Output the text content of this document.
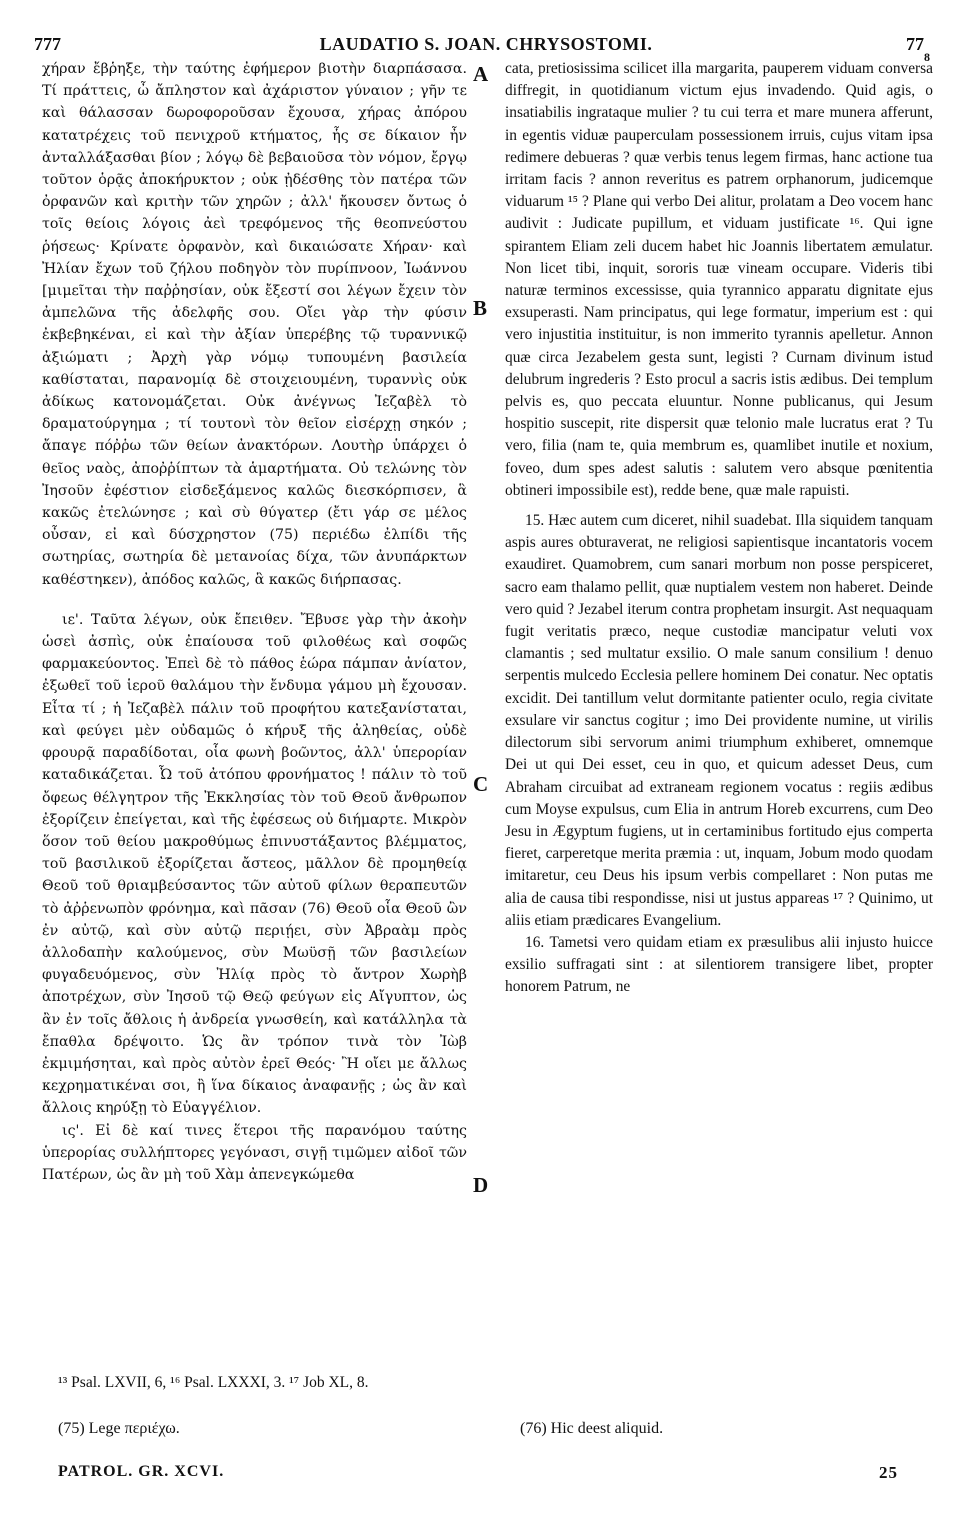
777	LAUDATIO S. JOAN. CHRYSOSTOMI.	$77_8$

χήραν ἔβῥηξε, τὴν ταύτης ἐφήμερον βιοτὴν διαρπάσασα. Τί πράττεις, ὦ ἄπληστον καὶ ἀχάριστον γύναιον ; γῆν τε καὶ θάλασσαν δωροφοροῦσαν ἔχουσα, χήρας ἀπόρου κατατρέχεις τοῦ πενιχροῦ κτήματος, ἧς σε δίκαιον ἦν ἀνταλλάξασθαι βίον ; λόγῳ δὲ βεβαιοῦσα τὸν νόμον, ἔργῳ τοῦτον ὁρᾷς ἀποκήρυκτον ; οὐκ ᾐδέσθης τὸν πατέρα τῶν ὀρφανῶν καὶ κριτὴν τῶν χηρῶν ; ἀλλ' ἤκουσεν ὄντως ὁ τοῖς θείοις λόγοις ἀεὶ τρεφόμενος τῆς θεοπνεύστου ῥήσεως· Κρίνατε ὀρφανὸν, καὶ δικαιώσατε Χήραν· καὶ Ἠλίαν ἔχων τοῦ ζήλου ποδηγὸν τὸν πυρίπνοον, Ἰωάννου [μιμεῖται τὴν παῤῥησίαν, οὐκ ἔξεστί σοι λέγων ἔχειν τὸν ἀμπελῶνα τῆς ἀδελφῆς σου. Οἴει γὰρ τὴν φύσιν ἐκβεβηκέναι, εἰ καὶ τὴν ἀξίαν ὑπερέβης τῷ τυραννικῷ ἀξιώματι ; Ἀρχὴ γὰρ νόμῳ τυπουμένη βασιλεία καθίσταται, παρανομίᾳ δὲ στοιχειουμένη, τυραννὶς οὐκ ἀδίκως κατονομάζεται. Οὐκ ἀνέγνως Ἰεζαβὲλ τὸ δραματούργημα ; τί τουτονὶ τὸν θεῖον εἰσέρχῃ σηκόν ; ἄπαγε πόῤῥω τῶν θείων ἀνακτόρων. Λουτὴρ ὑπάρχει ὁ θεῖος ναὸς, ἀποῤῥίπτων τὰ ἁμαρτήματα. Οὐ τελώνης τὸν Ἰησοῦν ἐφέστιον εἰσδεξάμενος καλῶς διεσκόρπισεν, ἃ κακῶς ἐτελώνησε ; καὶ σὺ θύγατερ (ἔτι γάρ σε μέλος οὖσαν, εἰ καὶ δύσχρηστον (75) περιέδω ἐλπίδι τῆς σωτηρίας, σωτηρία δὲ μετανοίας δίχα, τῶν ἀνυπάρκτων καθέστηκεν), ἀπόδος καλῶς, ἃ κακῶς διήρπασας.

ιε'. Ταῦτα λέγων, οὐκ ἔπειθεν. Ἔβυσε γὰρ τὴν ἀκοὴν ὡσεὶ ἀσπὶς, οὐκ ἐπαίουσα τοῦ φιλοθέως καὶ σοφῶς φαρμακεύοντος. Ἐπεὶ δὲ τὸ πάθος ἑώρα πάμπαν ἀνίατον, ἐξωθεῖ τοῦ ἱεροῦ θαλάμου τὴν ἔνδυμα γάμου μὴ ἔχουσαν. Εἶτα τί ; ἡ Ἰεζαβὲλ πάλιν τοῦ προφήτου κατεξανίσταται, καὶ φεύγει μὲν οὐδαμῶς ὁ κήρυξ τῆς ἀληθείας, οὐδὲ φρουρᾷ παραδίδοται, οἷα φωνὴ βοῶντος, ἀλλ' ὑπερορίαν καταδικάζεται. Ὦ τοῦ ἀτόπου φρονήματος ! πάλιν τὸ τοῦ ὄφεως θέλγητρον τῆς Ἐκκλησίας τὸν τοῦ Θεοῦ ἄνθρωπον ἐξορίζειν ἐπείγεται, καὶ τῆς ἐφέσεως οὐ διήμαρτε. Μικρὸν ὅσον τοῦ θείου μακροθύμως ἐπινυστάξαντος βλέμματος, τοῦ βασιλικοῦ ἐξορίζεται ἄστεος, μᾶλλον δὲ προμηθείᾳ Θεοῦ τοῦ θριαμβεύσαντος τῶν αὐτοῦ φίλων θεραπευτῶν τὸ ἀῤῥενωπὸν φρόνημα, καὶ πᾶσαν (76) Θεοῦ οἷα Θεοῦ ὢν ἐν αὐτῷ, καὶ σὺν αὐτῷ περιῄει, σὺν Ἀβραὰμ πρὸς ἀλλοδαπὴν καλούμενος, σὺν Μωϋσῇ τῶν βασιλείων φυγαδευόμενος, σὺν Ἠλίᾳ πρὸς τὸ ἄντρον Χωρὴβ ἀποτρέχων, σὺν Ἰησοῦ τῷ Θεῷ φεύγων εἰς Αἴγυπτον, ὡς ἂν ἐν τοῖς ἄθλοις ἡ ἀνδρεία γνωσθείη, καὶ κατάλληλα τὰ ἔπαθλα δρέψοιτο. Ὡς ἂν τρόπον τινὰ τὸν Ἰὼβ ἐκμιμήσηται, καὶ πρὸς αὐτὸν ἐρεῖ Θεός· Ἢ οἴει με ἄλλως κεχρηματικέναι σοι, ἢ ἵνα δίκαιος ἀναφανῇς ; ὡς ἂν καὶ ἄλλοις κηρύξῃ τὸ Εὐαγγέλιον.

ις'. Εἰ δὲ καί τινες ἕτεροι τῆς παρανόμου ταύτης ὑπερορίας συλλήπτορες γεγόνασι, σιγῇ τιμῶμεν αἰδοῖ τῶν Πατέρων, ὡς ἂν μὴ τοῦ Χὰμ ἀπενεγκώμεθα

A
B
C
D

cata, pretiosissima scilicet illa margarita, pauperem viduam conversa diffregit, in quotidianum victum ejus invadendo. Quid agis, o insatiabilis ingrataque mulier ? tu cui terra et mare munera afferunt, in egentis viduæ pauperculam possessionem irruis, cujus vitam ipsa redimere debueras ? quæ verbis tenus legem firmas, hanc actione tua irritam facis ? annon reveritus es patrem orphanorum, judicemque viduarum ¹⁵ ? Plane qui verbo Dei alitur, prolatam a Deo vocem hanc audivit : Judicate pupillum, et viduam justificate ¹⁶. Qui igne spirantem Eliam zeli ducem habet hic Joannis libertatem æmulatur. Non licet tibi, inquit, sororis tuæ vineam occupare. Videris tibi naturæ terminos excessisse, quia tyrannico apparatu dignitate ejus exsuperasti. Nam principatus, qui lege formatur, imperium est : qui vero injustitia instituitur, is non immerito tyrannis apelletur. Annon quæ circa Jezabelem gesta sunt, legisti ? Curnam divinum istud delubrum ingrederis ? Esto procul a sacris istis ædibus. Dei templum pelvis es, quo peccata eluuntur. Nonne publicanus, qui Jesum hospitio suscepit, rite dispersit quæ telonio male lucratus erat ? Tu vero, filia (nam te, quia membrum es, quamlibet inutile et noxium, foveo, dum spes adest salutis : salutem vero absque pœnitentia obtineri impossibile est), redde bene, quæ male rapuisti.

15. Hæc autem cum diceret, nihil suadebat. Illa siquidem tanquam aspis aures obturaverat, ne religiosi sapientisque incantatoris vocem exaudiret. Quamobrem, cum sanari morbum non posse perspiceret, sacro eam thalamo pellit, quæ nuptialem vestem non haberet. Deinde vero quid ? Jezabel iterum contra prophetam insurgit. Ast nequaquam fugit veritatis præco, neque custodiæ mancipatur veluti vox clamantis ; sed multatur exsilio. O male sanum consilium ! denuo serpentis mulcedo Ecclesia pellere hominem Dei conatur. Nec optatis excidit. Dei tantillum velut dormitante patienter oculo, regia civitate exsulare vir sanctus cogitur ; imo Dei providente numine, ut virilis dilectorum sibi servorum animi triumphum exhiberet, omnemque Dei ut qui Dei esset, ceu in quo, et quicum adesset Deus, cum Abraham circuibat ad extraneam regionem vocatus : regiis ædibus cum Moyse expulsus, cum Elia in antrum Horeb excurrens, cum Deo Jesu in Ægyptum fugiens, ut in certaminibus fortitudo ejus comperta fieret, carperetque merita præmia : ut, inquam, Jobum modo quodam imitaretur, ceu Deus his ipsum verbis compellaret : Non putas me alia de causa tibi respondisse, nisi ut justus appareas ¹⁷ ? Quinimo, ut aliis etiam prædicares Evangelium.

16. Tametsi vero quidam etiam ex præsulibus alii injusto huicce exsilio suffragati sint : at silentiorem transigere libet, propter honorem Patrum, ne

¹³ Psal. LXVII, 6, ¹⁶ Psal. LXXXI, 3. ¹⁷ Job XL, 8.
(75) Lege περιέχω.	(76) Hic deest aliquid.
PATROL. GR. XCVI.	25
